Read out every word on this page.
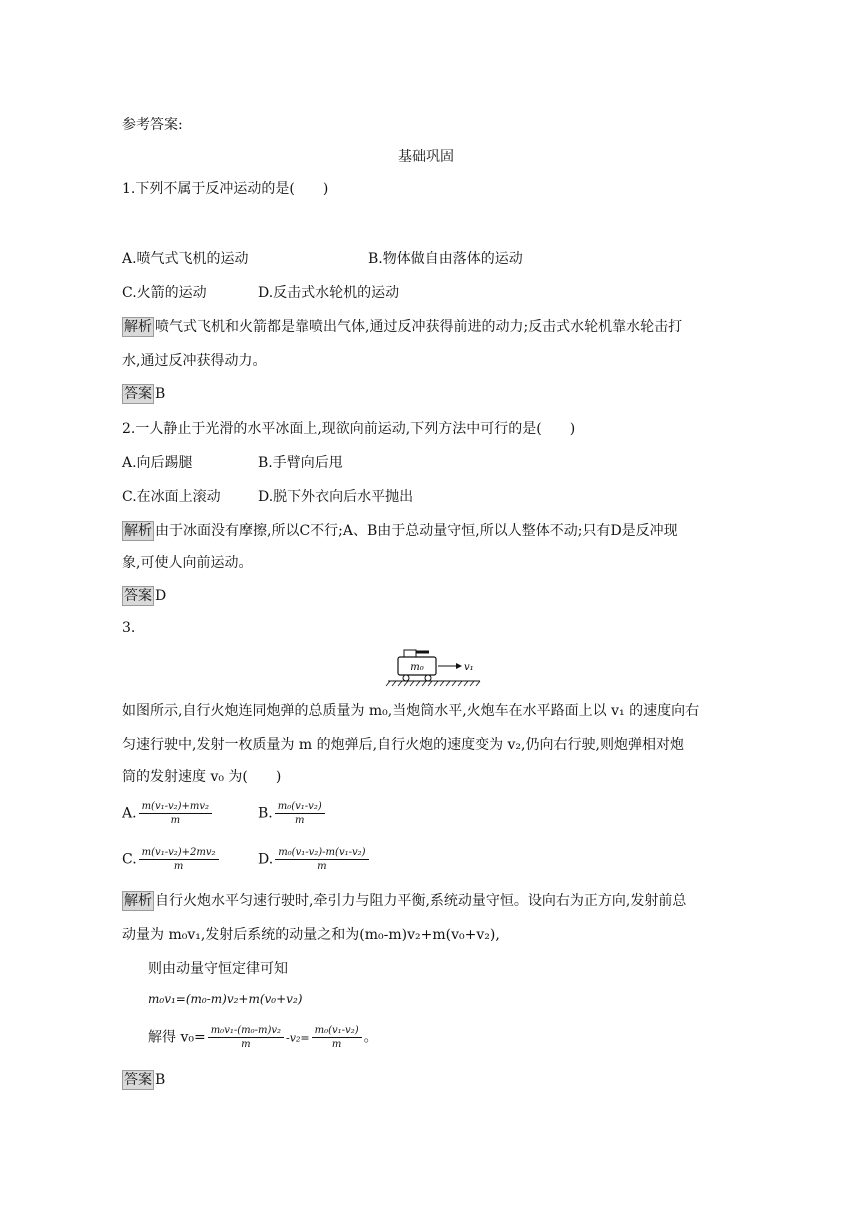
参考答案:
基础巩固
1.下列不属于反冲运动的是(　　)
A.喷气式飞机的运动	B.物体做自由落体的运动
C.火箭的运动	D.反击式水轮机的运动
解析 喷气式飞机和火箭都是靠喷出气体,通过反冲获得前进的动力;反击式水轮机靠水轮击打
水,通过反冲获得动力。
答案 B
2.一人静止于光滑的水平冰面上,现欲向前运动,下列方法中可行的是(　　)
A.向后踢腿	B.手臂向后甩
C.在冰面上滚动	D.脱下外衣向后水平抛出
解析 由于冰面没有摩擦,所以C不行;A、B由于总动量守恒,所以人整体不动;只有D是反冲现
象,可使人向前运动。
答案 D
3.
m₀	v₁
如图所示,自行火炮连同炮弹的总质量为 m₀,当炮筒水平,火炮车在水平路面上以 v₁ 的速度向右
匀速行驶中,发射一枚质量为 m 的炮弹后,自行火炮的速度变为 v₂,仍向右行驶,则炮弹相对炮
筒的发射速度 v₀ 为(　　)
A. $\frac{\text{m(v₁-v₂)+mv₂}}{m}$	B. $\frac{\text{m₀(v₁-v₂)}}{m}$
C. $\frac{\text{m(v₁-v₂)+2mv₂}}{m}$	D. $\frac{\text{m₀(v₁-v₂)-m(v₁-v₂)}}{m}$
解析 自行火炮水平匀速行驶时,牵引力与阻力平衡,系统动量守恒。设向右为正方向,发射前总
动量为 m₀v₁,发射后系统的动量之和为(m₀-m)v₂+m(v₀+v₂),
则由动量守恒定律可知
m₀v₁=(m₀-m)v₂+m(v₀+v₂)
解得 $v_0= \frac{\text{m₀v₁-(m₀-m)v₂}}{m} -v_2= \frac{\text{m₀(v₁-v₂)}}{m}$ 。
答案 B
